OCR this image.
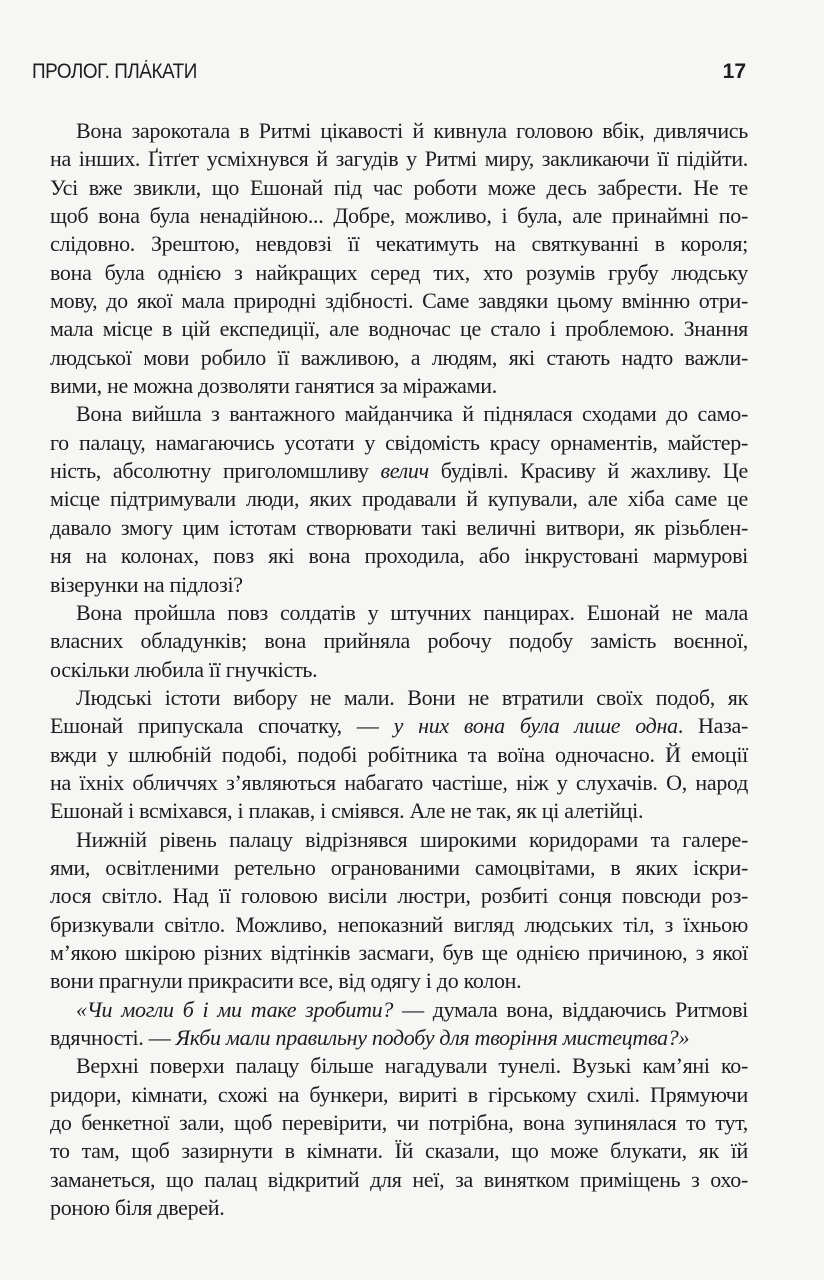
ПРОЛОГ. ПЛА́КАТИ	17
Вона зарокотала в Ритмі цікавості й кивнула головою вбік, дивлячись
на інших. Ґітґет усміхнувся й загудів у Ритмі миру, закликаючи її підійти.
Усі вже звикли, що Ешонай під час роботи може десь забрести. Не те
щоб вона була ненадійною... Добре, можливо, і була, але принаймні по-
слідовно. Зрештою, невдовзі її чекатимуть на святкуванні в короля;
вона була однією з найкращих серед тих, хто розумів грубу людську
мову, до якої мала природні здібності. Саме завдяки цьому вмінню отри-
мала місце в цій експедиції, але водночас це стало і проблемою. Знання
людської мови робило її важливою, а людям, які стають надто важли-
вими, не можна дозволяти ганятися за міражами.
Вона вийшла з вантажного майданчика й піднялася сходами до само-
го палацу, намагаючись усотати у свідомість красу орнаментів, майстер-
ність, абсолютну приголомшливу велич будівлі. Красиву й жахливу. Це
місце підтримували люди, яких продавали й купували, але хіба саме це
давало змогу цим істотам створювати такі величні витвори, як різьблен-
ня на колонах, повз які вона проходила, або інкрустовані мармурові
візерунки на підлозі?
Вона пройшла повз солдатів у штучних панцирах. Ешонай не мала
власних обладунків; вона прийняла робочу подобу замість воєнної,
оскільки любила її гнучкість.
Людські істоти вибору не мали. Вони не втратили своїх подоб, як
Ешонай припускала спочатку, — у них вона була лише одна. Наза-
вжди у шлюбній подобі, подобі робітника та воїна одночасно. Й емоції
на їхніх обличчях з’являються набагато частіше, ніж у слухачів. О, народ
Ешонай і всміхався, і плакав, і сміявся. Але не так, як ці алетійці.
Нижній рівень палацу відрізнявся широкими коридорами та галере-
ями, освітленими ретельно огранованими самоцвітами, в яких іскри-
лося світло. Над її головою висіли люстри, розбиті сонця повсюди роз-
бризкували світло. Можливо, непоказний вигляд людських тіл, з їхньою
м’якою шкірою різних відтінків засмаги, був ще однією причиною, з якої
вони прагнули прикрасити все, від одягу і до колон.
«Чи могли б і ми таке зробити? — думала вона, віддаючись Ритмові
вдячності. — Якби мали правильну подобу для творіння мистецтва?»
Верхні поверхи палацу більше нагадували тунелі. Вузькі кам’яні ко-
ридори, кімнати, схожі на бункери, вириті в гірському схилі. Прямуючи
до бенкетної зали, щоб перевірити, чи потрібна, вона зупинялася то тут,
то там, щоб зазирнути в кімнати. Їй сказали, що може блукати, як їй
заманеться, що палац відкритий для неї, за винятком приміщень з охо-
роною біля дверей.
